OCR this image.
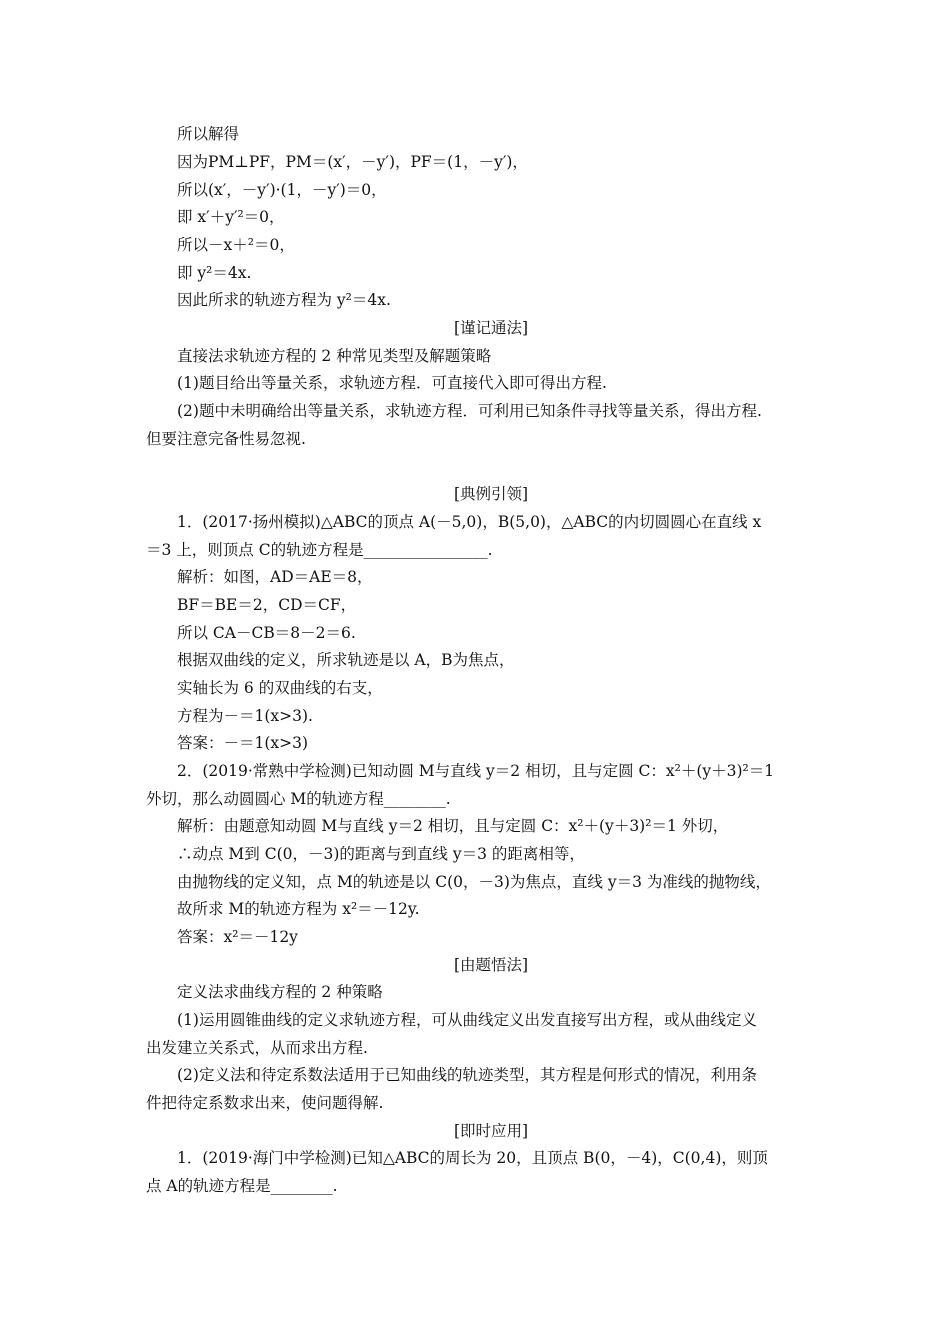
所以解得
因为PM⊥PF，PM＝(x′，－y′)，PF＝(1，－y′)，
所以(x′，－y′)·(1，－y′)＝0，
即 x′＋y′²＝0，
所以－x＋²＝0，
即 y²＝4x.
因此所求的轨迹方程为 y²＝4x.
[谨记通法]
直接法求轨迹方程的 2 种常见类型及解题策略
(1)题目给出等量关系，求轨迹方程．可直接代入即可得出方程.
(2)题中未明确给出等量关系，求轨迹方程．可利用已知条件寻找等量关系，得出方程.
但要注意完备性易忽视.
[典例引领]
1．(2017·扬州模拟)△ABC的顶点 A(－5,0)，B(5,0)，△ABC的内切圆圆心在直线 x
＝3 上，则顶点 C的轨迹方程是________________.
解析：如图，AD＝AE＝8，
BF＝BE＝2，CD＝CF，
所以 CA－CB＝8－2＝6.
根据双曲线的定义，所求轨迹是以 A，B为焦点，
实轴长为 6 的双曲线的右支，
方程为－＝1(x>3).
答案：－＝1(x>3)
2．(2019·常熟中学检测)已知动圆 M与直线 y＝2 相切，且与定圆 C：x²＋(y＋3)²＝1
外切，那么动圆圆心 M的轨迹方程________.
解析：由题意知动圆 M与直线 y＝2 相切，且与定圆 C：x²＋(y＋3)²＝1 外切，
∴动点 M到 C(0，－3)的距离与到直线 y＝3 的距离相等，
由抛物线的定义知，点 M的轨迹是以 C(0，－3)为焦点，直线 y＝3 为准线的抛物线，
故所求 M的轨迹方程为 x²＝－12y.
答案：x²＝－12y
[由题悟法]
定义法求曲线方程的 2 种策略
(1)运用圆锥曲线的定义求轨迹方程，可从曲线定义出发直接写出方程，或从曲线定义
出发建立关系式，从而求出方程.
(2)定义法和待定系数法适用于已知曲线的轨迹类型，其方程是何形式的情况，利用条
件把待定系数求出来，使问题得解.
[即时应用]
1．(2019·海门中学检测)已知△ABC的周长为 20，且顶点 B(0，－4)，C(0,4)，则顶
点 A的轨迹方程是________.
